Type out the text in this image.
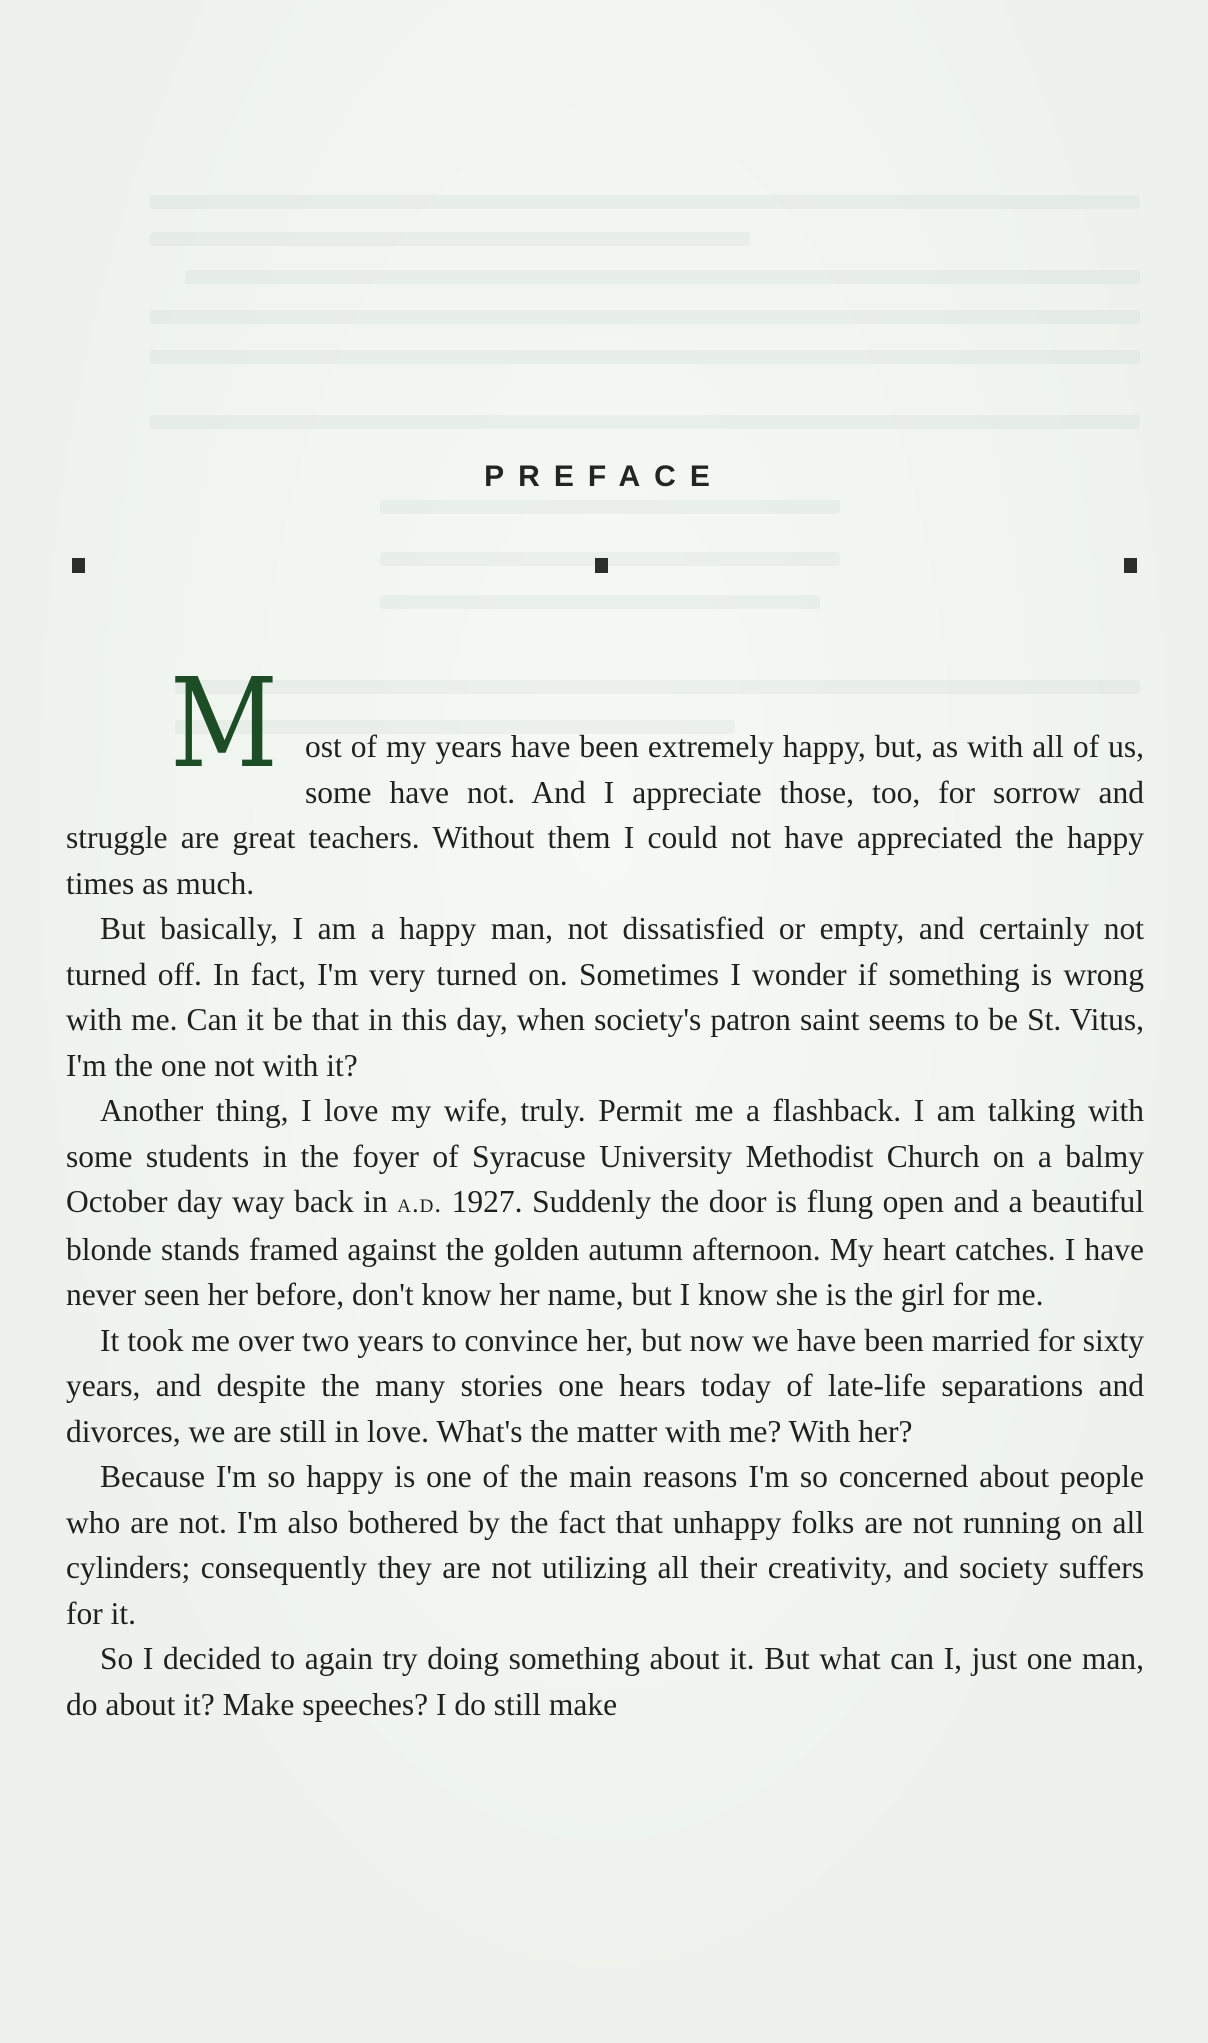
PREFACE

Most of my years have been extremely happy, but, as with all of us, some have not. And I appreciate those, too, for sorrow and struggle are great teachers. Without them I could not have appreciated the happy times as much.

But basically, I am a happy man, not dissatisfied or empty, and certainly not turned off. In fact, I'm very turned on. Sometimes I wonder if something is wrong with me. Can it be that in this day, when society's patron saint seems to be St. Vitus, I'm the one not with it?

Another thing, I love my wife, truly. Permit me a flashback. I am talking with some students in the foyer of Syracuse University Methodist Church on a balmy October day way back in a.d. 1927. Suddenly the door is flung open and a beautiful blonde stands framed against the golden autumn afternoon. My heart catches. I have never seen her before, don't know her name, but I know she is the girl for me.

It took me over two years to convince her, but now we have been married for sixty years, and despite the many stories one hears today of late-life separations and divorces, we are still in love. What's the matter with me? With her?

Because I'm so happy is one of the main reasons I'm so concerned about people who are not. I'm also bothered by the fact that unhappy folks are not running on all cylinders; consequently they are not utilizing all their creativity, and society suffers for it.

So I decided to again try doing something about it. But what can I, just one man, do about it? Make speeches? I do still make
